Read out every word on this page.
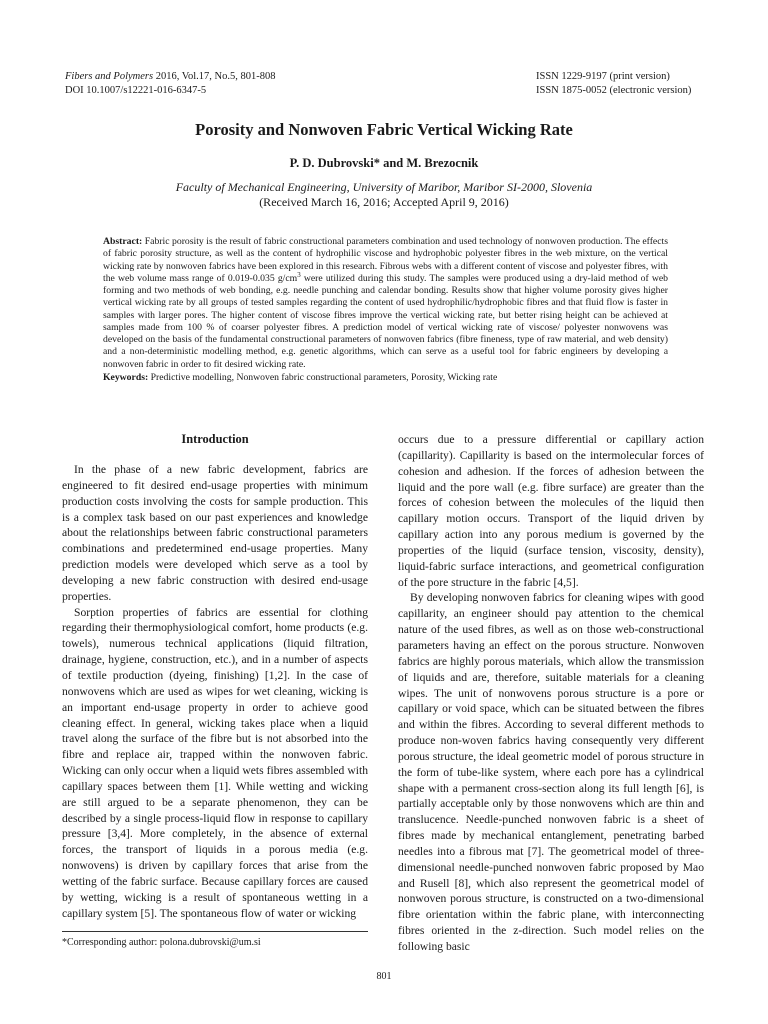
Fibers and Polymers 2016, Vol.17, No.5, 801-808
DOI 10.1007/s12221-016-6347-5
ISSN 1229-9197 (print version)
ISSN 1875-0052 (electronic version)
Porosity and Nonwoven Fabric Vertical Wicking Rate
P. D. Dubrovski* and M. Brezocnik
Faculty of Mechanical Engineering, University of Maribor, Maribor SI-2000, Slovenia
(Received March 16, 2016; Accepted April 9, 2016)
Abstract: Fabric porosity is the result of fabric constructional parameters combination and used technology of nonwoven production. The effects of fabric porosity structure, as well as the content of hydrophilic viscose and hydrophobic polyester fibres in the web mixture, on the vertical wicking rate by nonwoven fabrics have been explored in this research. Fibrous webs with a different content of viscose and polyester fibres, with the web volume mass range of 0.019-0.035 $g/cm^3$ were utilized during this study. The samples were produced using a dry-laid method of web forming and two methods of web bonding, e.g. needle punching and calendar bonding. Results show that higher volume porosity gives higher vertical wicking rate by all groups of tested samples regarding the content of used hydrophilic/hydrophobic fibres and that fluid flow is faster in samples with larger pores. The higher content of viscose fibres improve the vertical wicking rate, but better rising height can be achieved at samples made from 100 % of coarser polyester fibres. A prediction model of vertical wicking rate of viscose/ polyester nonwovens was developed on the basis of the fundamental constructional parameters of nonwoven fabrics (fibre fineness, type of raw material, and web density) and a non-deterministic modelling method, e.g. genetic algorithms, which can serve as a useful tool for fabric engineers by developing a nonwoven fabric in order to fit desired wicking rate.
Keywords: Predictive modelling, Nonwoven fabric constructional parameters, Porosity, Wicking rate
Introduction

In the phase of a new fabric development, fabrics are engineered to fit desired end-usage properties with minimum production costs involving the costs for sample production. This is a complex task based on our past experiences and knowledge about the relationships between fabric constructional parameters combinations and predetermined end-usage properties. Many prediction models were developed which serve as a tool by developing a new fabric construction with desired end-usage properties.

Sorption properties of fabrics are essential for clothing regarding their thermophysiological comfort, home products (e.g. towels), numerous technical applications (liquid filtration, drainage, hygiene, construction, etc.), and in a number of aspects of textile production (dyeing, finishing) [1,2]. In the case of nonwovens which are used as wipes for wet cleaning, wicking is an important end-usage property in order to achieve good cleaning effect. In general, wicking takes place when a liquid travel along the surface of the fibre but is not absorbed into the fibre and replace air, trapped within the nonwoven fabric. Wicking can only occur when a liquid wets fibres assembled with capillary spaces between them [1]. While wetting and wicking are still argued to be a separate phenomenon, they can be described by a single process-liquid flow in response to capillary pressure [3,4]. More completely, in the absence of external forces, the transport of liquids in a porous media (e.g. nonwovens) is driven by capillary forces that arise from the wetting of the fabric surface. Because capillary forces are caused by wetting, wicking is a result of spontaneous wetting in a capillary system [5]. The spontaneous flow of water or wicking

occurs due to a pressure differential or capillary action (capillarity). Capillarity is based on the intermolecular forces of cohesion and adhesion. If the forces of adhesion between the liquid and the pore wall (e.g. fibre surface) are greater than the forces of cohesion between the molecules of the liquid then capillary motion occurs. Transport of the liquid driven by capillary action into any porous medium is governed by the properties of the liquid (surface tension, viscosity, density), liquid-fabric surface interactions, and geometrical configuration of the pore structure in the fabric [4,5].

By developing nonwoven fabrics for cleaning wipes with good capillarity, an engineer should pay attention to the chemical nature of the used fibres, as well as on those web-constructional parameters having an effect on the porous structure. Nonwoven fabrics are highly porous materials, which allow the transmission of liquids and are, therefore, suitable materials for a cleaning wipes. The unit of nonwovens porous structure is a pore or capillary or void space, which can be situated between the fibres and within the fibres. According to several different methods to produce non-woven fabrics having consequently very different porous structure, the ideal geometric model of porous structure in the form of tube-like system, where each pore has a cylindrical shape with a permanent cross-section along its full length [6], is partially acceptable only by those nonwovens which are thin and translucence. Needle-punched nonwoven fabric is a sheet of fibres made by mechanical entanglement, penetrating barbed needles into a fibrous mat [7]. The geometrical model of three-dimensional needle-punched nonwoven fabric proposed by Mao and Rusell [8], which also represent the geometrical model of nonwoven porous structure, is constructed on a two-dimensional fibre orientation within the fabric plane, with interconnecting fibres oriented in the z-direction. Such model relies on the following basic

*Corresponding author: polona.dubrovski@um.si
801
